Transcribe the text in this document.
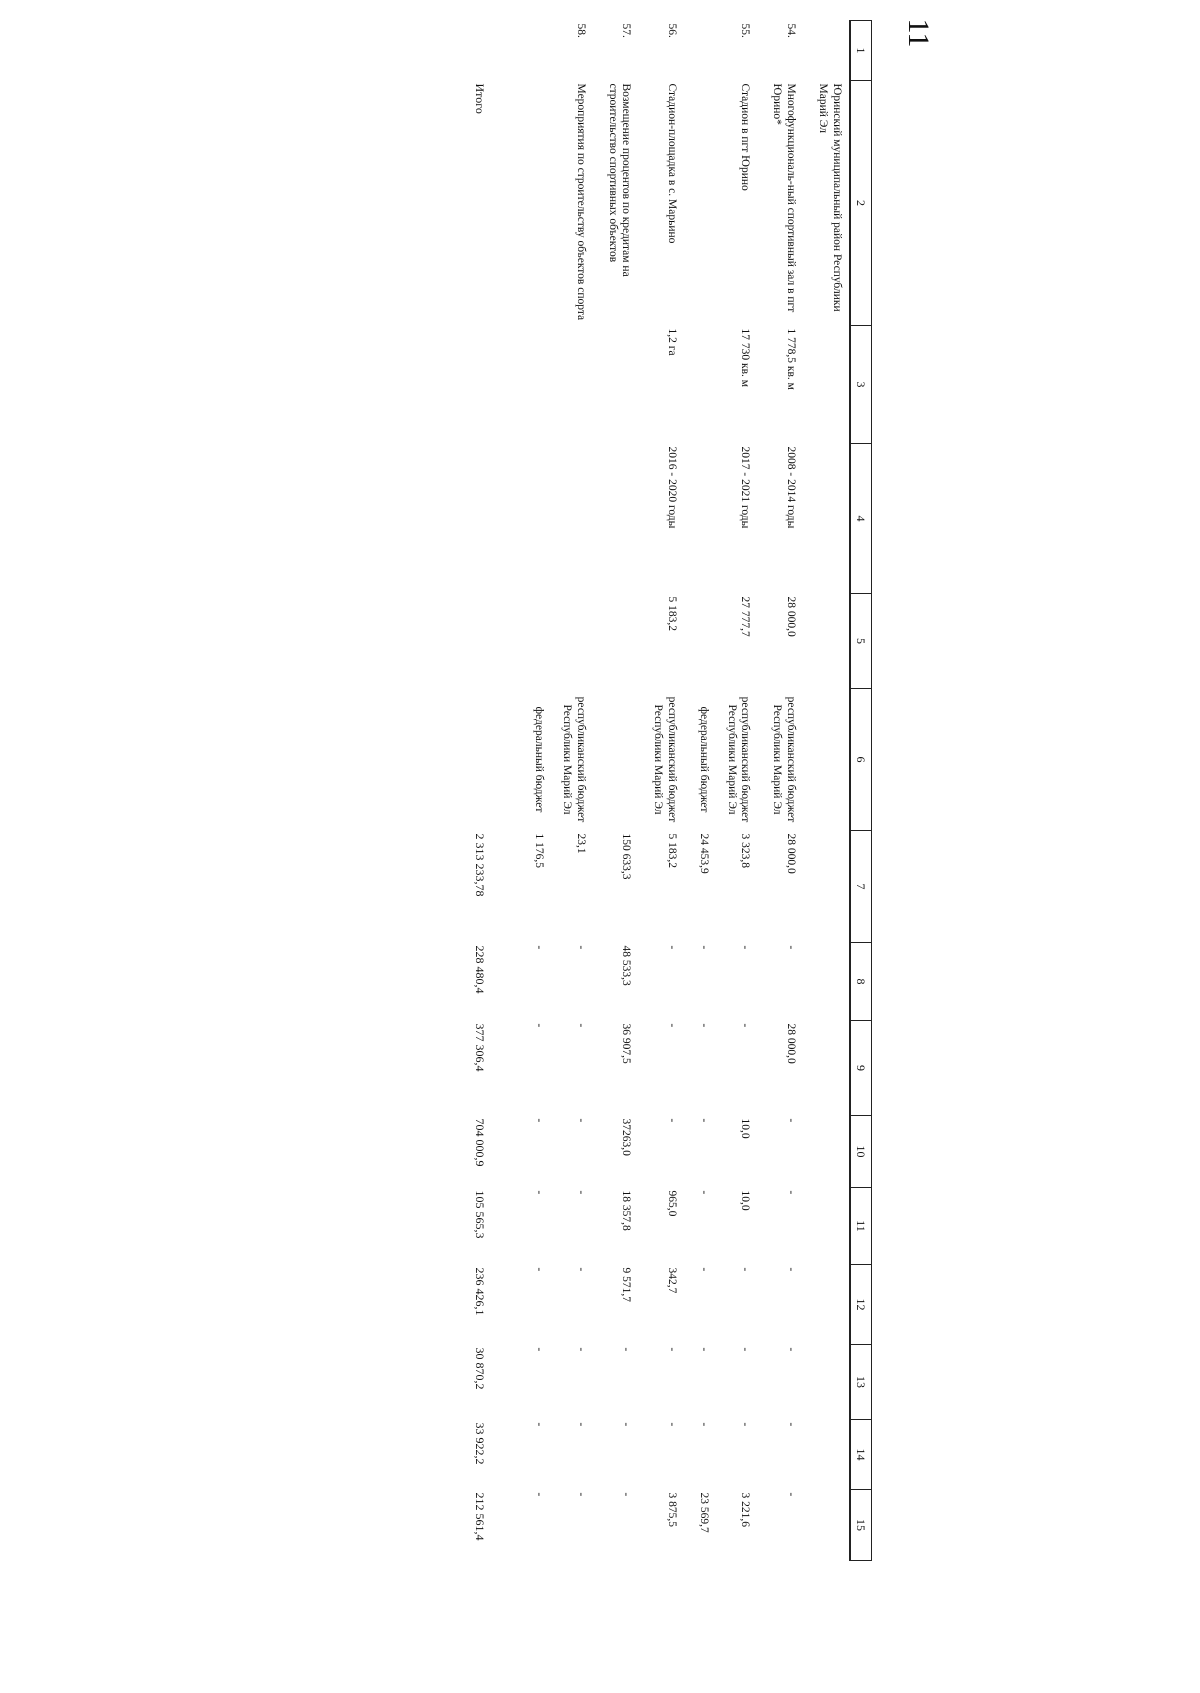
11
1	2	3	4	5	6	7	8	9	10	11	12	13	14	15
	Юринский муниципальный район Республики Марий Эл													
54.	Многофункциональ-ный спортивный зал в пгт Юрино*	1 778,5 кв. м	2008 - 2014 годы	28 000,0	республиканский бюджет Республики Марий Эл	28 000,0	-	28 000,0	-	-	-	-	-	-
55.	Стадион в пгт Юрино	17 730 кв. м	2017 - 2021 годы	27 777,7	республиканский бюджет Республики Марий Эл	3 323,8	-	-	10,0	10,0	-	-	-	3 221,6
					федеральный бюджет	24 453,9	-	-	-	-	-	-	-	23 569,7
56.	Стадион-площадка в с. Марьино	1,2 га	2016 - 2020 годы	5 183,2	республиканский бюджет Республики Марий Эл	5 183,2	-	-	-	965,0	342,7	-	-	3 875,5
57.	Возмещение процентов по кредитам на строительство спортивных объектов					150 633,3	48 533,3	36 907,5	37263,0	18 357,8	9 571,7	-	-	-
58.	Мероприятия по строительству объектов спорта				республиканский бюджет Республики Марий Эл	23,1	-	-	-	-	-	-	-	-
					федеральный бюджет	1 176,5	-	-	-	-	-	-	-	-
	Итого					2 313 233,78	228 480,4	377 306,4	704 000,9	105 565,3	236 426,1	30 870,2	33 922,2	212 561,4
